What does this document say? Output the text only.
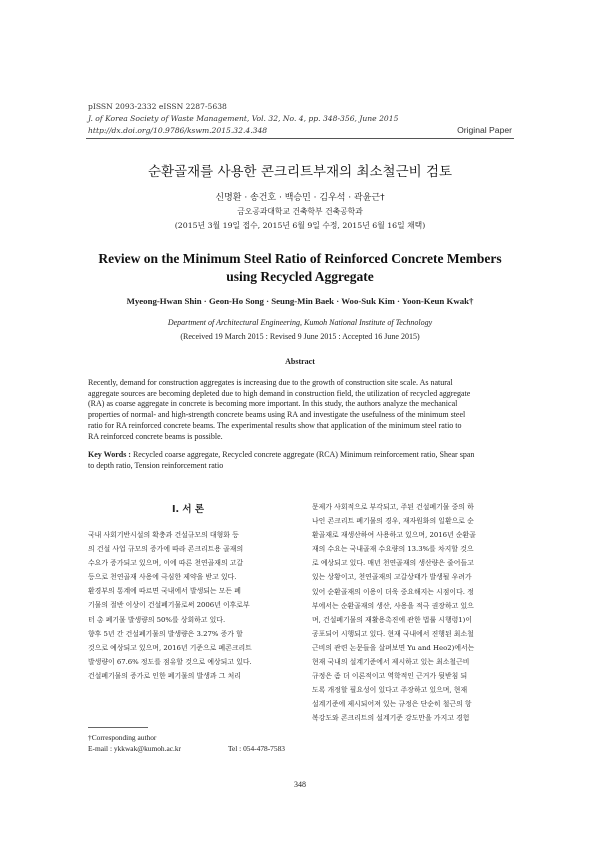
pISSN 2093-2332 eISSN 2287-5638
J. of Korea Society of Waste Management, Vol. 32, No. 4, pp. 348-356, June 2015
http://dx.doi.org/10.9786/kswm.2015.32.4.348	Original Paper
순환골재를 사용한 콘크리트부재의 최소철근비 검토
신명환 · 송건호 · 백승민 · 김우석 · 곽윤근†
금오공과대학교 건축학부 건축공학과
(2015년 3월 19일 접수, 2015년 6월 9일 수정, 2015년 6월 16일 채택)
Review on the Minimum Steel Ratio of Reinforced Concrete Members
using Recycled Aggregate
Myeong-Hwan Shin · Geon-Ho Song · Seung-Min Baek · Woo-Suk Kim · Yoon-Keun Kwak†
Department of Architectural Engineering, Kumoh National Institute of Technology
(Received 19 March 2015 : Revised 9 June 2015 : Accepted 16 June 2015)
Abstract
Recently, demand for construction aggregates is increasing due to the growth of construction site scale. As natural
aggregate sources are becoming depleted due to high demand in construction field, the utilization of recycled aggregate
(RA) as coarse aggregate in concrete is becoming more important. In this study, the authors analyze the mechanical
properties of normal- and high-strength concrete beams using RA and investigate the usefulness of the minimum steel
ratio for RA reinforced concrete beams. The experimental results show that application of the minimum steel ratio to
RA reinforced concrete beams is possible.
Key Words : Recycled coarse aggregate, Recycled concrete aggregate (RCA) Minimum reinforcement ratio, Shear span
to depth ratio, Tension reinforcement ratio
I. 서 론
국내 사회기반시설의 확충과 건설규모의 대형화 등
의 건설 사업 규모의 증가에 따라 콘크리트용 골재의
수요가 증가되고 있으며, 이에 따른 천연골재의 고갈
등으로 천연골재 사용에 극심한 제약을 받고 있다.
환경부의 통계에 따르면 국내에서 발생되는 모든 폐
기물의 절반 이상이 건설폐기물로써 2006년 이후로부
터 총 폐기물 발생량의 50%를 상회하고 있다.
향후 5년 간 건설폐기물의 발생량은 3.27% 증가 할
것으로 예상되고 있으며, 2016년 기준으로 폐콘크리트
발생량이 67.6% 정도를 점유할 것으로 예상되고 있다.
건설폐기물의 증가로 인한 폐기물의 발생과 그 처리
문제가 사회적으로 부각되고, 주된 건설폐기물 중의 하
나인 콘크리트 폐기물의 경우, 재자원화의 일환으로 순
환골재로 재생산하여 사용하고 있으며, 2016년 순환골
재의 수요는 국내골재 수요량의 13.3%를 차지할 것으
로 예상되고 있다. 매년 천연골재의 생산량은 줄어들고
있는 상황이고, 천연골재의 고갈상태가 발생될 우려가
있어 순환골재의 이용이 더욱 중요해지는 시점이다. 정
부에서는 순환골재의 생산, 사용을 적극 권장하고 있으
며, 건설폐기물의 재활용촉진에 관한 법률 시행령1)이
공포되어 시행되고 있다. 현재 국내에서 진행된 최소철
근비의 관련 논문들을 살펴보면 Yu and Heo2)에서는
현재 국내의 설계기준에서 제시하고 있는 최소철근비
규정은 좀 더 이론적이고 역학적인 근거가 뒷받침 되
도록 개정할 필요성이 있다고 주장하고 있으며, 현재
설계기준에 제시되어져 있는 규정은 단순히 철근의 항
복강도와 콘크리트의 설계기준 강도만을 가지고 경험
†Corresponding author
E-mail : ykkwak@kumoh.ac.kr	Tel : 054-478-7583
348
